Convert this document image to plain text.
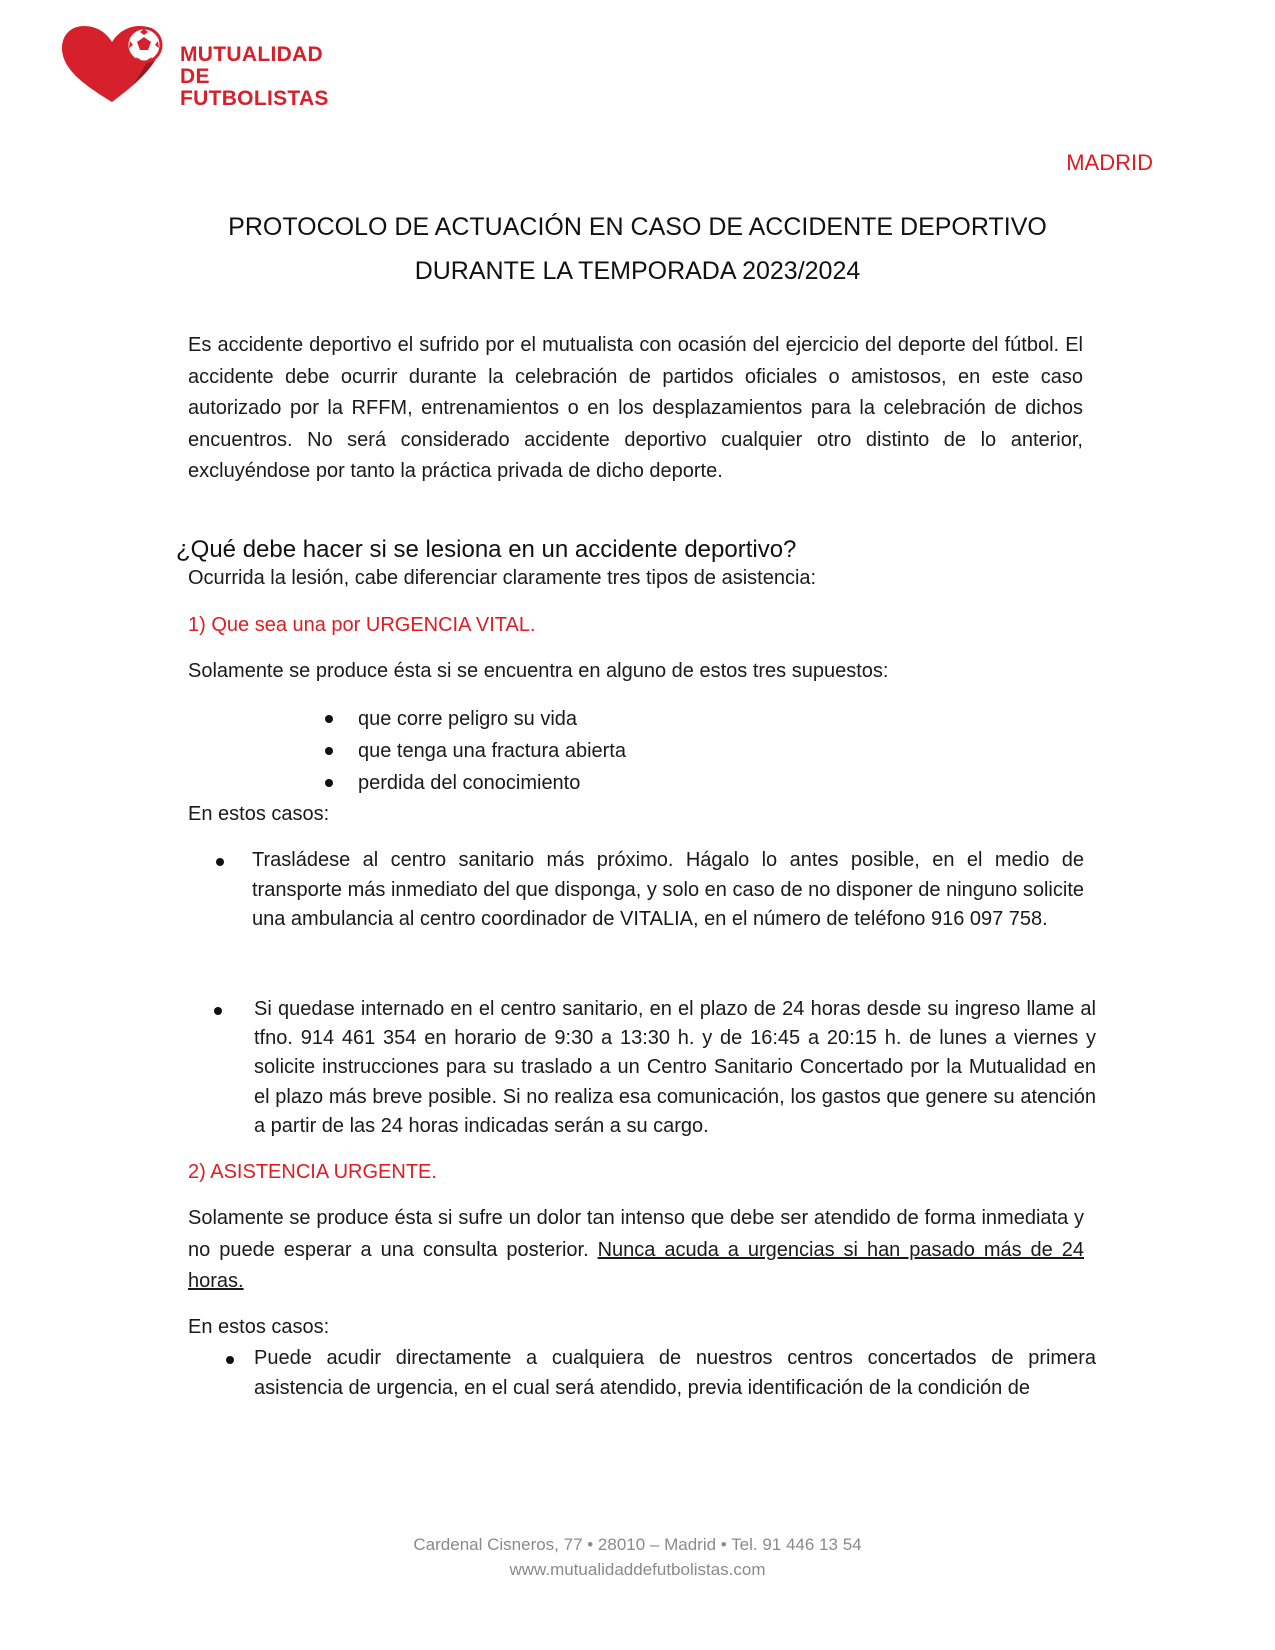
MUTUALIDAD
DE FUTBOLISTAS
MADRID
PROTOCOLO DE ACTUACIÓN EN CASO DE ACCIDENTE DEPORTIVO
DURANTE LA TEMPORADA 2023/2024
Es accidente deportivo el sufrido por el mutualista con ocasión del ejercicio del deporte del fútbol. El accidente debe ocurrir durante la celebración de partidos oficiales o amistosos, en este caso autorizado por la RFFM, entrenamientos o en los desplazamientos para la celebración de dichos encuentros. No será considerado accidente deportivo cualquier otro distinto de lo anterior, excluyéndose por tanto la práctica privada de dicho deporte.
¿Qué debe hacer si se lesiona en un accidente deportivo?
Ocurrida la lesión, cabe diferenciar claramente tres tipos de asistencia:
1) Que sea una por URGENCIA VITAL.
Solamente se produce ésta si se encuentra en alguno de estos tres supuestos:
que corre peligro su vida
que tenga una fractura abierta
perdida del conocimiento
En estos casos:
Trasládese al centro sanitario más próximo. Hágalo lo antes posible, en el medio de transporte más inmediato del que disponga, y solo en caso de no disponer de ninguno solicite una ambulancia al centro coordinador de VITALIA, en el número de teléfono 916 097 758.
Si quedase internado en el centro sanitario, en el plazo de 24 horas desde su ingreso llame al tfno. 914 461 354 en horario de 9:30 a 13:30 h. y de 16:45 a 20:15 h. de lunes a viernes y solicite instrucciones para su traslado a un Centro Sanitario Concertado por la Mutualidad en el plazo más breve posible. Si no realiza esa comunicación, los gastos que genere su atención a partir de las 24 horas indicadas serán a su cargo.
2) ASISTENCIA URGENTE.
Solamente se produce ésta si sufre un dolor tan intenso que debe ser atendido de forma inmediata y no puede esperar a una consulta posterior. Nunca acuda a urgencias si han pasado más de 24 horas.
En estos casos:
Puede acudir directamente a cualquiera de nuestros centros concertados de primera asistencia de urgencia, en el cual será atendido, previa identificación de la condición de
Cardenal Cisneros, 77 • 28010 – Madrid • Tel. 91 446 13 54
www.mutualidaddefutbolistas.com
